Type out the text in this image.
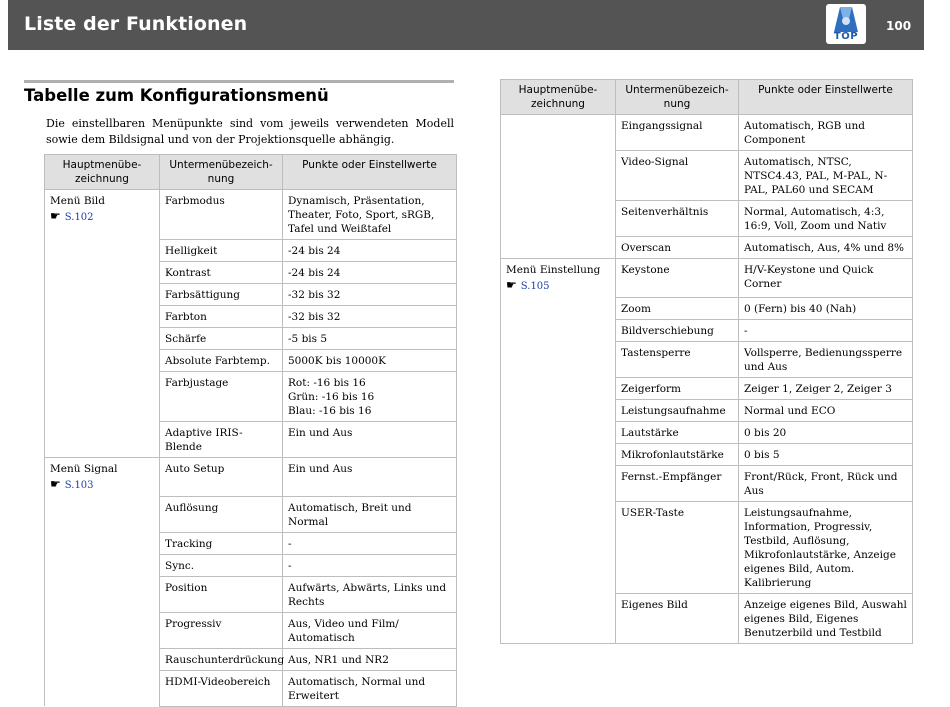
Liste der Funktionen
TOP
100
Tabelle zum Konfigurationsmenü
Die einstellbaren Menüpunkte sind vom jeweils verwendeten Modell sowie dem Bildsignal und von der Projektionsquelle abhängig.
Hauptmenübe-zeichnung	Untermenübezeich-nung	Punkte oder Einstellwerte
Menü Bild
☛ S.102	Farbmodus	Dynamisch, Präsentation, Theater, Foto, Sport, sRGB, Tafel und Weißtafel
	Helligkeit	-24 bis 24
	Kontrast	-24 bis 24
	Farbsättigung	-32 bis 32
	Farbton	-32 bis 32
	Schärfe	-5 bis 5
	Absolute Farbtemp.	5000K bis 10000K
	Farbjustage	Rot: -16 bis 16
Grün: -16 bis 16
Blau: -16 bis 16
	Adaptive IRIS-Blende	Ein und Aus
Menü Signal
☛ S.103	Auto Setup	Ein und Aus
	Auflösung	Automatisch, Breit und Normal
	Tracking	-
	Sync.	-
	Position	Aufwärts, Abwärts, Links und Rechts
	Progressiv	Aus, Video und Film/ Automatisch
	Rauschunterdrückung	Aus, NR1 und NR2
	HDMI-Videobereich	Automatisch, Normal und Erweitert
Hauptmenübe-zeichnung	Untermenübezeich-nung	Punkte oder Einstellwerte
	Eingangssignal	Automatisch, RGB und Component
	Video-Signal	Automatisch, NTSC, NTSC4.43, PAL, M-PAL, N-PAL, PAL60 und SECAM
	Seitenverhältnis	Normal, Automatisch, 4:3, 16:9, Voll, Zoom und Nativ
	Overscan	Automatisch, Aus, 4% und 8%
Menü Einstellung
☛ S.105	Keystone	H/V-Keystone und Quick Corner
	Zoom	0 (Fern) bis 40 (Nah)
	Bildverschiebung	-
	Tastensperre	Vollsperre, Bedienungssperre und Aus
	Zeigerform	Zeiger 1, Zeiger 2, Zeiger 3
	Leistungsaufnahme	Normal und ECO
	Lautstärke	0 bis 20
	Mikrofonlautstärke	0 bis 5
	Fernst.-Empfänger	Front/Rück, Front, Rück und Aus
	USER-Taste	Leistungsaufnahme, Information, Progressiv, Testbild, Auflösung, Mikrofonlautstärke, Anzeige eigenes Bild, Autom. Kalibrierung
	Eigenes Bild	Anzeige eigenes Bild, Auswahl eigenes Bild, Eigenes Benutzerbild und Testbild
